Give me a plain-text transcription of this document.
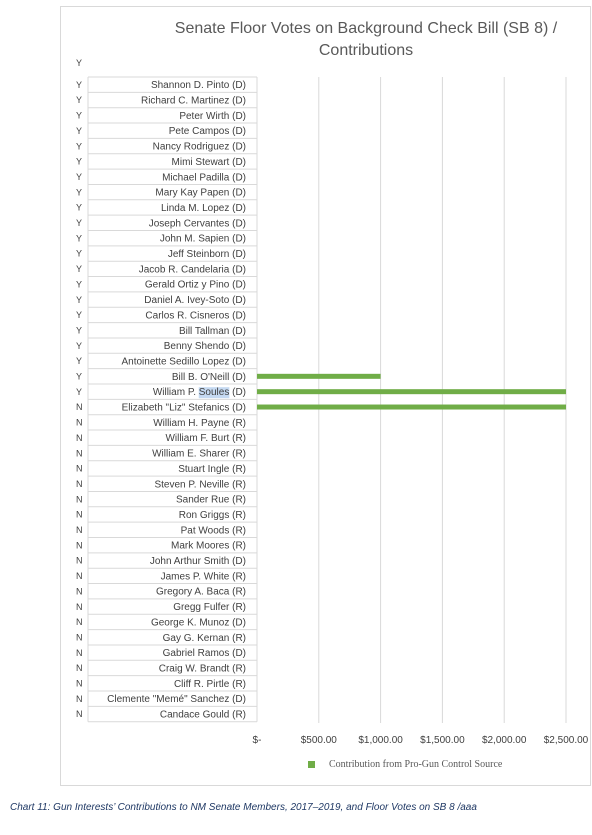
Senate Floor Votes on Background Check Bill (SB 8) /
Contributions
Y
Y	Shannon D. Pinto (D)
Y	Richard C. Martinez (D)
Y	Peter Wirth (D)
Y	Pete Campos (D)
Y	Nancy Rodriguez (D)
Y	Mimi Stewart (D)
Y	Michael Padilla (D)
Y	Mary Kay Papen (D)
Y	Linda M. Lopez (D)
Y	Joseph Cervantes (D)
Y	John M. Sapien (D)
Y	Jeff Steinborn (D)
Y	Jacob R. Candelaria (D)
Y	Gerald Ortiz y Pino (D)
Y	Daniel A. Ivey-Soto (D)
Y	Carlos R. Cisneros (D)
Y	Bill Tallman (D)
Y	Benny Shendo (D)
Y	Antoinette Sedillo Lopez (D)
Y	Bill B. O'Neill (D)
Y	William P. Soules (D)
N	Elizabeth "Liz" Stefanics (D)
N	William H. Payne (R)
N	William F. Burt (R)
N	William E. Sharer (R)
N	Stuart Ingle (R)
N	Steven P. Neville (R)
N	Sander Rue (R)
N	Ron Griggs (R)
N	Pat Woods (R)
N	Mark Moores (R)
N	John Arthur Smith (D)
N	James P. White (R)
N	Gregory A. Baca (R)
N	Gregg Fulfer (R)
N	George K. Munoz (D)
N	Gay G. Kernan (R)
N	Gabriel Ramos (D)
N	Craig W. Brandt (R)
N	Cliff R. Pirtle (R)
N Clemente "Memé" Sanchez (D)
N	Candace Gould (R)
$-	$500.00 $1,000.00 $1,500.00 $2,000.00 $2,500.00
Contribution from Pro-Gun Control Source
Chart 11: Gun Interests’ Contributions to NM Senate Members, 2017–2019, and Floor Votes on SB 8 /aaa
